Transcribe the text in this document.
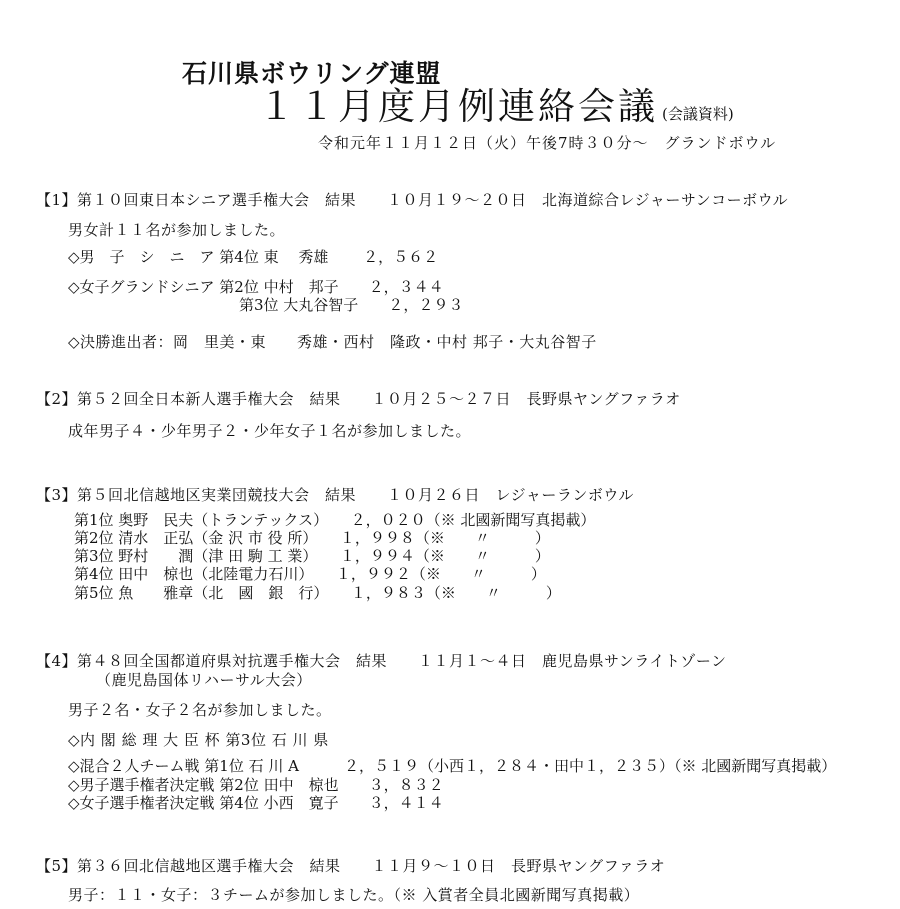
石川県ボウリング連盟
１１月度月例連絡会議 (会議資料)
令和元年１１月１２日（火）午後7時３０分〜　グランドボウル
【1】第１０回東日本シニア選手権大会　結果　　１０月１９〜２０日　北海道綜合レジャーサンコーボウル
男女計１１名が参加しました。
◇男　子　シ　ニ　ア 第4位 東　 秀雄　　 ２，５６２
◇女子グランドシニア 第2位 中村　邦子　　２，３４４
第3位 大丸谷智子　　２，２９３
◇決勝進出者：岡　里美・東　　秀雄・西村　隆政・中村 邦子・大丸谷智子
【2】第５２回全日本新人選手権大会　結果　　１０月２５〜２７日　長野県ヤングファラオ
成年男子４・少年男子２・少年女子１名が参加しました。
【3】第５回北信越地区実業団競技大会　結果　　１０月２６日　レジャーランボウル
第1位 奥野　民夫（トランテックス）　　２，０２０（※ 北國新聞写真掲載）
第2位 清水　正弘（金 沢 市 役 所）　　１，９９８（※　　〃　　　）
第3位 野村　　潤（津 田 駒 工 業）　　１，９９４（※　　〃　　　）
第4位 田中　椋也（北陸電力石川）　　１，９９２（※　　〃　　　）
第5位 魚　　雅章（北　國　銀　行）　　１，９８３（※　　〃　　　）
【4】第４８回全国都道府県対抗選手権大会　結果　　１１月１〜４日　鹿児島県サンライトゾーン
（鹿児島国体リハーサル大会）
男子２名・女子２名が参加しました。
◇内 閣 総 理 大 臣 杯 第3位 石 川 県
◇混合２人チーム戦 第1位 石 川 A　　　２，５１９（小西１，２８４・田中１，２３５）（※ 北國新聞写真掲載）
◇男子選手権者決定戦 第2位 田中　椋也　　３，８３２
◇女子選手権者決定戦 第4位 小西　寛子　　３，４１４
【5】第３６回北信越地区選手権大会　結果　　１１月９〜１０日　長野県ヤングファラオ
男子：１１・女子：３チームが参加しました。（※ 入賞者全員北國新聞写真掲載）
